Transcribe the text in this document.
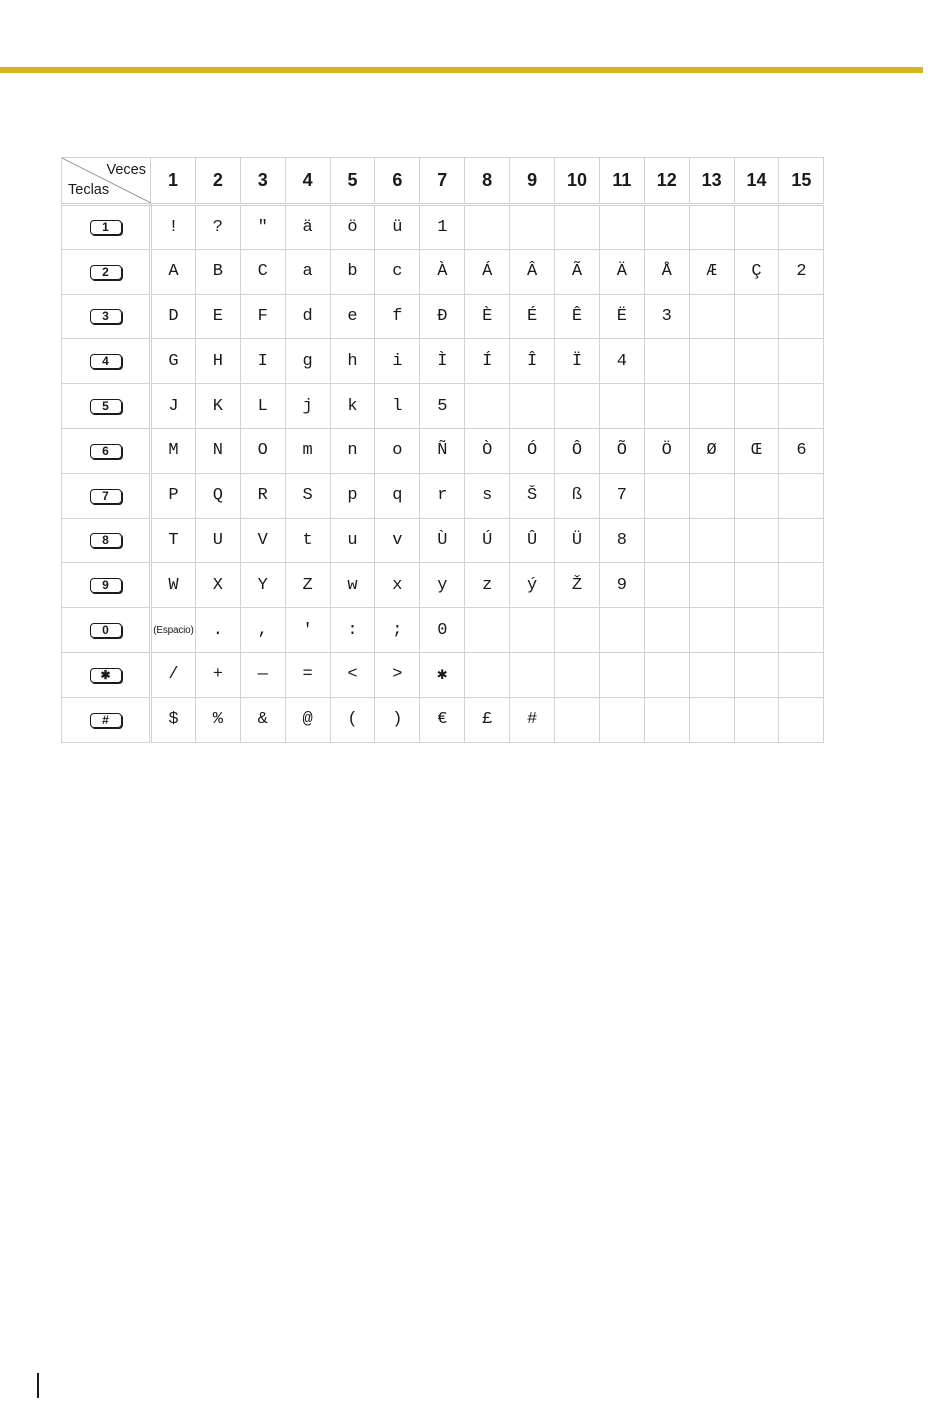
Veces
Teclas	1	2	3	4	5	6	7	8	9	10	11	12	13	14	15
1	!	?	"	ä	ö	ü	1								
2	A	B	C	a	b	c	À	Á	Â	Ã	Ä	Å	Æ	Ç	2
3	D	E	F	d	e	f	Ð	È	É	Ê	Ë	3			
4	G	H	I	g	h	i	Ì	Í	Î	Ï	4				
5	J	K	L	j	k	l	5								
6	M	N	O	m	n	o	Ñ	Ò	Ó	Ô	Õ	Ö	Ø	Œ	6
7	P	Q	R	S	p	q	r	s	Š	ß	7				
8	T	U	V	t	u	v	Ù	Ú	Û	Ü	8				
9	W	X	Y	Z	w	x	y	z	ý	Ž	9				
0	(Espacio)	.	,	'	:	;	0								
✱	/	+	—	=	<	>	✱								
#	$	%	&	@	(	)	€	£	#						
